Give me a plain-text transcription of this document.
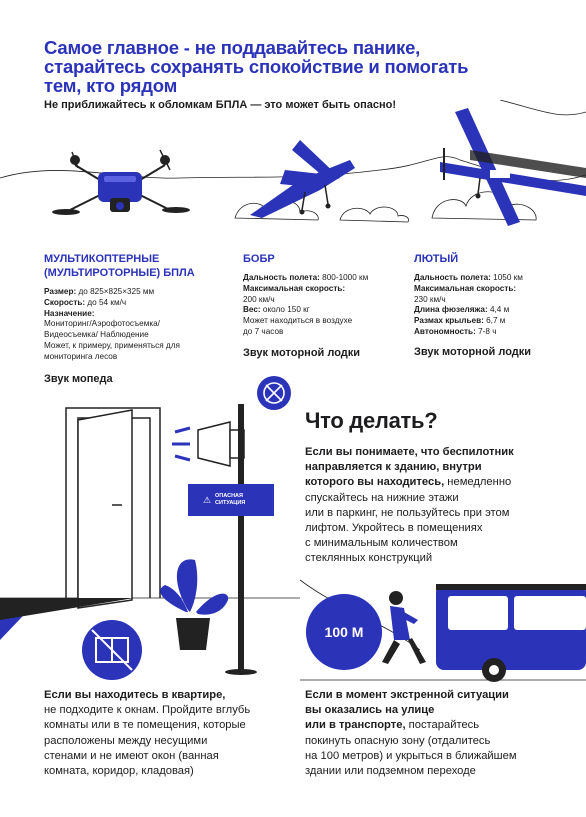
Самое главное - не поддавайтесь панике, старайтесь сохранять спокойствие и помогать тем, кто рядом
Не приближайтесь к обломкам БПЛА — это может быть опасно!
МУЛЬТИКОПТЕРНЫЕ
(МУЛЬТИРОТОРНЫЕ) БПЛА
Размер: до 825×825×325 мм
Скорость: до 54 км/ч
Назначение:
Мониторинг/Аэрофотосъемка/
Видеосъемка/ Наблюдение
Может, к примеру, применяться для
мониторинга лесов
Звук мопеда
БОБР
Дальность полета: 800-1000 км
Максимальная скорость:
200 км/ч
Вес: около 150 кг
Может находиться в воздухе
до 7 часов
Звук моторной лодки
ЛЮТЫЙ
Дальность полета: 1050 км
Максимальная скорость:
230 км/ч
Длина фюзеляжа: 4,4 м
Размах крыльев: 6,7 м
Автономность: 7-8 ч
Звук моторной лодки
⚠ ОПАСНАЯ СИТУАЦИЯ
Что делать?
Если вы понимаете, что беспилотник
направляется к зданию, внутри
которого вы находитесь, немедленно
спускайтесь на нижние этажи
или в паркинг, не пользуйтесь при этом
лифтом. Укройтесь в помещениях
с минимальным количеством
стеклянных конструкций
100 М
Если вы находитесь в квартире,
не подходите к окнам. Пройдите вглубь
комнаты или в те помещения, которые
расположены между несущими
стенами и не имеют окон (ванная
комната, коридор, кладовая)
Если в момент экстренной ситуации
вы оказались на улице
или в транспорте, постарайтесь
покинуть опасную зону (отдалитесь
на 100 метров) и укрыться в ближайшем
здании или подземном переходе
